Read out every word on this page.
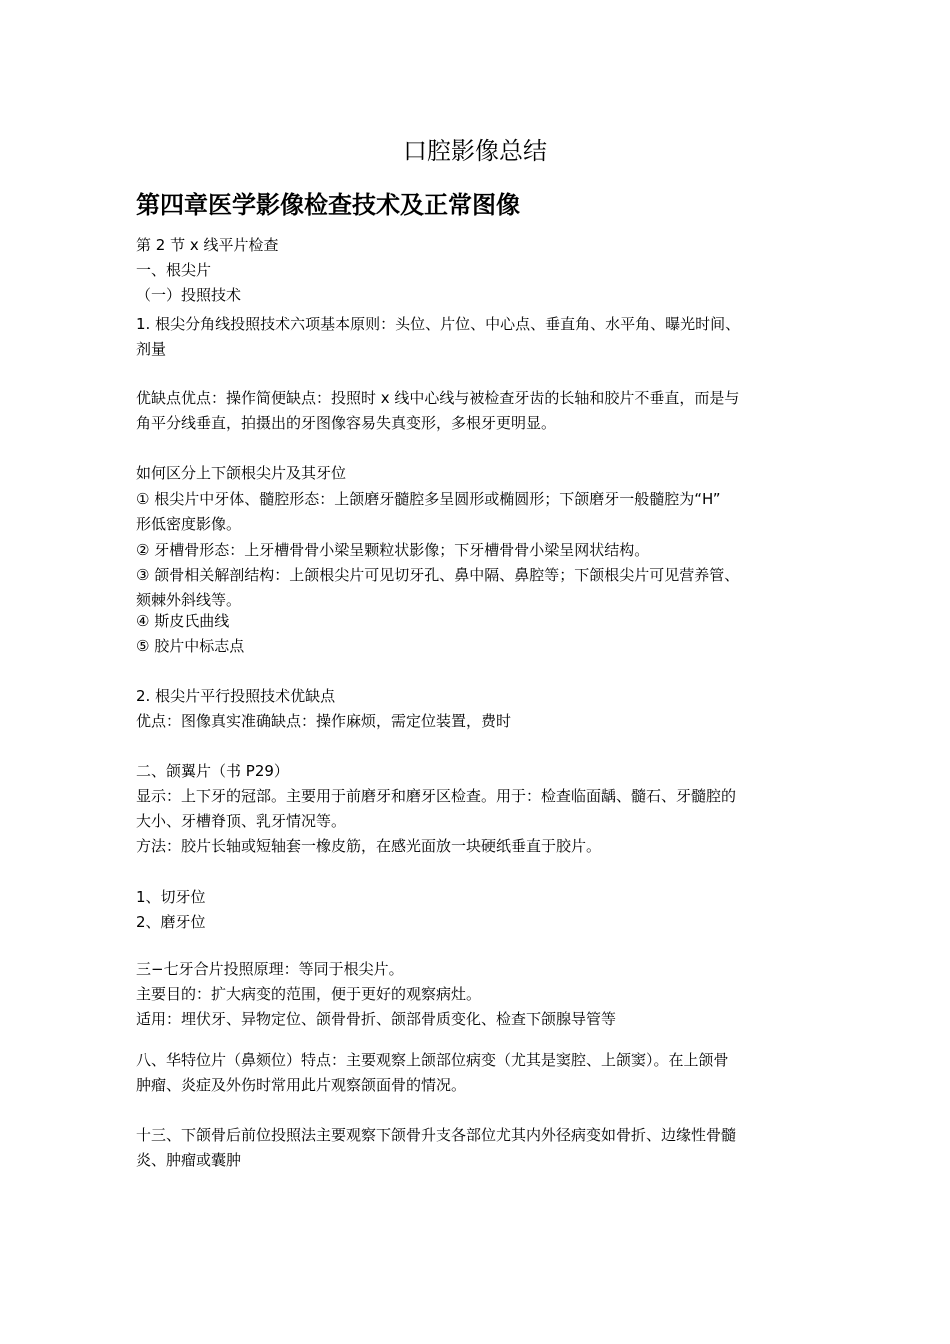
口腔影像总结
第四章医学影像检查技术及正常图像

第 2 节 x 线平片检查

一、根尖片

（一）投照技术

1. 根尖分角线投照技术六项基本原则：头位、片位、中心点、垂直角、水平角、曝光时间、

剂量

优缺点优点：操作简便缺点：投照时 x 线中心线与被检查牙齿的长轴和胶片不垂直，而是与

角平分线垂直，拍摄出的牙图像容易失真变形，多根牙更明显。

如何区分上下颌根尖片及其牙位

① 根尖片中牙体、髓腔形态：上颌磨牙髓腔多呈圆形或椭圆形；下颌磨牙一般髓腔为“H”

形低密度影像。

② 牙槽骨形态：上牙槽骨骨小梁呈颗粒状影像；下牙槽骨骨小梁呈网状结构。

③ 颌骨相关解剖结构：上颌根尖片可见切牙孔、鼻中隔、鼻腔等；下颌根尖片可见营养管、

颏棘外斜线等。

④ 斯皮氏曲线

⑤ 胶片中标志点

2. 根尖片平行投照技术优缺点

优点：图像真实准确缺点：操作麻烦，需定位装置，费时

二、颌翼片（书 P29）

显示：上下牙的冠部。主要用于前磨牙和磨牙区检查。用于：检查临面龋、髓石、牙髓腔的

大小、牙槽脊顶、乳牙情况等。

方法：胶片长轴或短轴套一橡皮筋，在感光面放一块硬纸垂直于胶片。

1、切牙位

2、磨牙位

三−七牙合片投照原理：等同于根尖片。

主要目的：扩大病变的范围，便于更好的观察病灶。

适用：埋伏牙、异物定位、颌骨骨折、颌部骨质变化、检查下颌腺导管等

八、华特位片（鼻颏位）特点：主要观察上颌部位病变（尤其是窦腔、上颌窦）。在上颌骨

肿瘤、炎症及外伤时常用此片观察颌面骨的情况。

十三、下颌骨后前位投照法主要观察下颌骨升支各部位尤其内外径病变如骨折、边缘性骨髓

炎、肿瘤或囊肿
